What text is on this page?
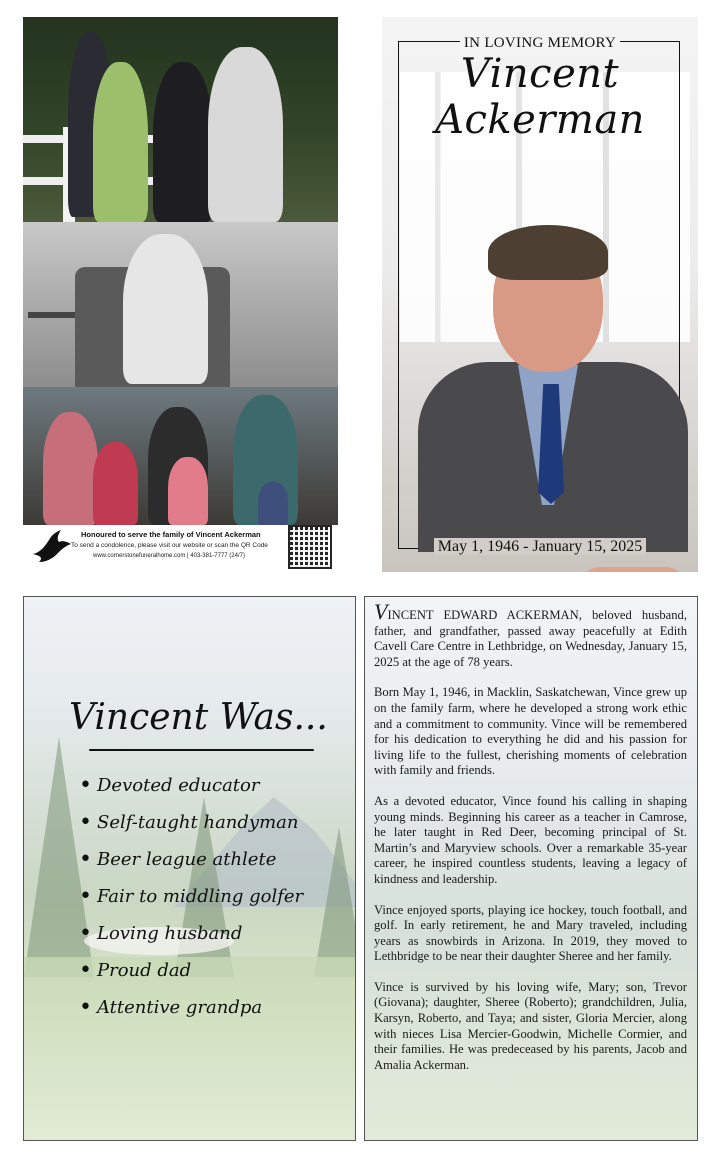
Honoured to serve the family of Vincent Ackerman
To send a condolence, please visit our website or scan the QR Code
www.cornerstonefuneralhome.com | 403-381-7777 (24/7)
IN LOVING MEMORY
Vincent Ackerman
May 1, 1946 - January 15, 2025
Vincent Was...
• Devoted educator
• Self-taught handyman
• Beer league athlete
• Fair to middling golfer
• Loving husband
• Proud dad
• Attentive grandpa

VINCENT EDWARD ACKERMAN, beloved husband, father, and grandfather, passed away peacefully at Edith Cavell Care Centre in Lethbridge, on Wednesday, January 15, 2025 at the age of 78 years.

Born May 1, 1946, in Macklin, Saskatchewan, Vince grew up on the family farm, where he developed a strong work ethic and a commitment to community. Vince will be remembered for his dedication to everything he did and his passion for living life to the fullest, cherishing moments of celebration with family and friends.

As a devoted educator, Vince found his calling in shaping young minds. Beginning his career as a teacher in Camrose, he later taught in Red Deer, becoming principal of St. Martin’s and Maryview schools. Over a remarkable 35-year career, he inspired countless students, leaving a legacy of kindness and leadership.

Vince enjoyed sports, playing ice hockey, touch football, and golf. In early retirement, he and Mary traveled, including years as snowbirds in Arizona. In 2019, they moved to Lethbridge to be near their daughter Sheree and her family.

Vince is survived by his loving wife, Mary; son, Trevor (Giovana); daughter, Sheree (Roberto); grandchildren, Julia, Karsyn, Roberto, and Taya; and sister, Gloria Mercier, along with nieces Lisa Mercier-Goodwin, Michelle Cormier, and their families. He was predeceased by his parents, Jacob and Amalia Ackerman.
